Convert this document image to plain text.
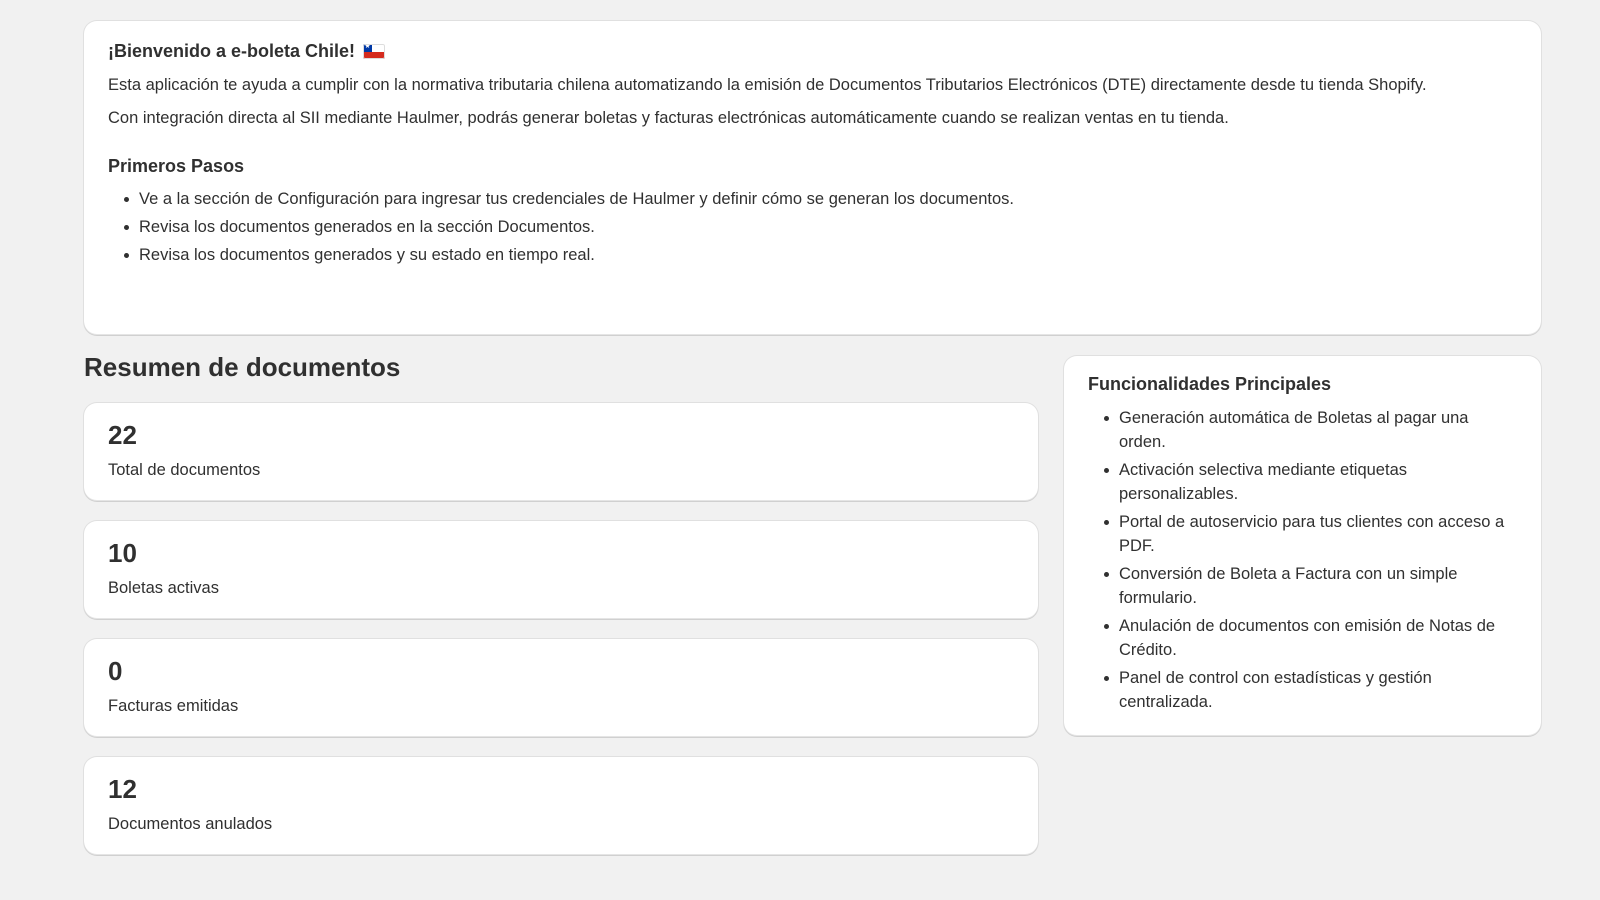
¡Bienvenido a e-boleta Chile! ★

Esta aplicación te ayuda a cumplir con la normativa tributaria chilena automatizando la emisión de Documentos Tributarios Electrónicos (DTE) directamente desde tu tienda Shopify.

Con integración directa al SII mediante Haulmer, podrás generar boletas y facturas electrónicas automáticamente cuando se realizan ventas en tu tienda.

Primeros Pasos
Ve a la sección de Configuración para ingresar tus credenciales de Haulmer y definir cómo se generan los documentos.
Revisa los documentos generados en la sección Documentos.
Revisa los documentos generados y su estado en tiempo real.
Resumen de documentos
22
Total de documentos
10
Boletas activas
0
Facturas emitidas
12
Documentos anulados
Funcionalidades Principales
Generación automática de Boletas al pagar una orden.
Activación selectiva mediante etiquetas personalizables.
Portal de autoservicio para tus clientes con acceso a PDF.
Conversión de Boleta a Factura con un simple formulario.
Anulación de documentos con emisión de Notas de Crédito.
Panel de control con estadísticas y gestión centralizada.
